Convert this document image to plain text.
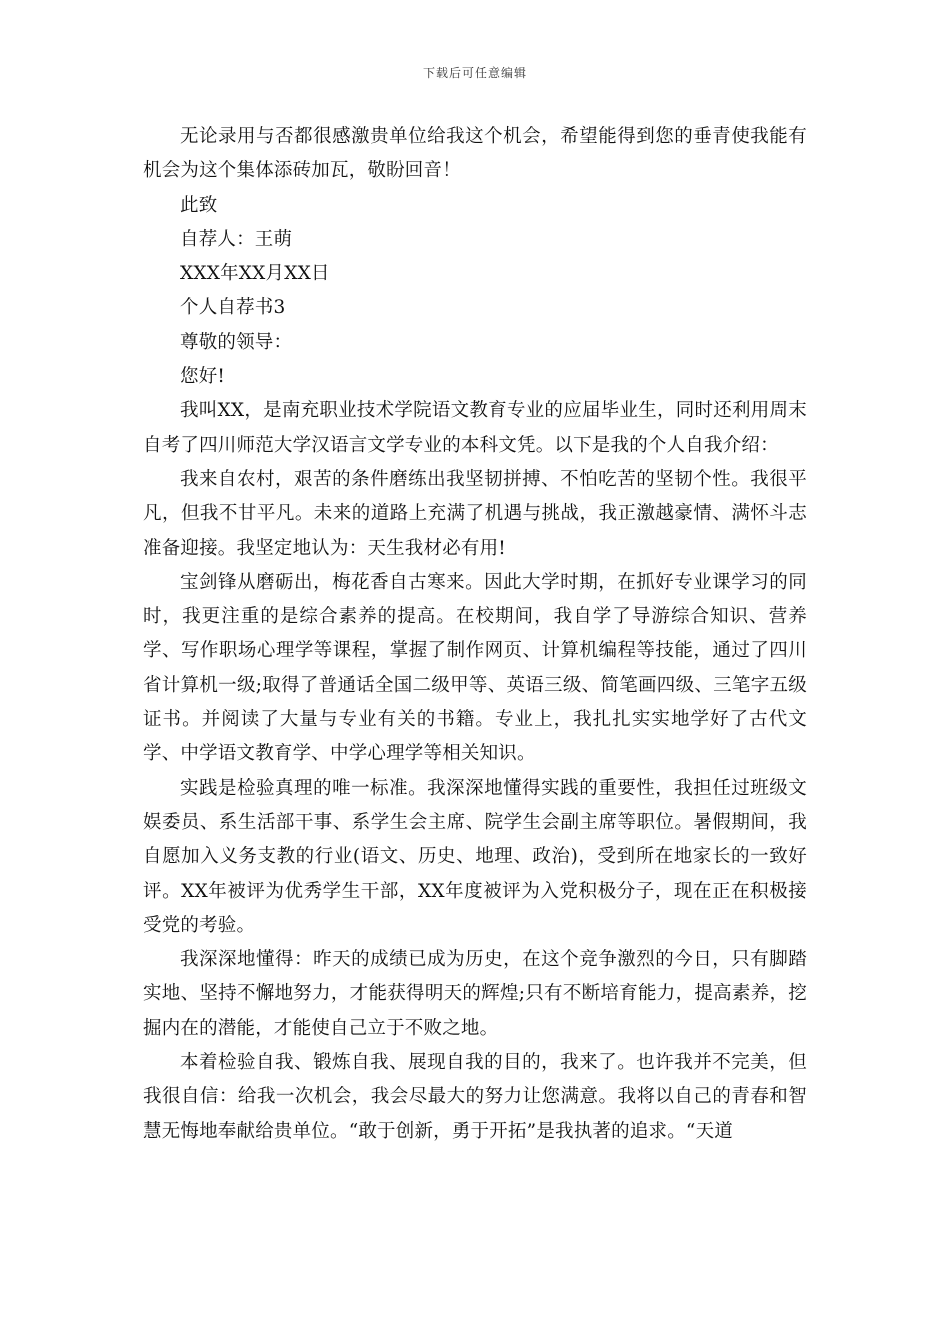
下载后可任意编辑

无论录用与否都很感激贵单位给我这个机会，希望能得到您的垂青使我能有机会为这个集体添砖加瓦，敬盼回音！

此致

自荐人：王萌

XXX年XX月XX日

个人自荐书3

尊敬的领导：

您好!

我叫XX，是南充职业技术学院语文教育专业的应届毕业生，同时还利用周末自考了四川师范大学汉语言文学专业的本科文凭。以下是我的个人自我介绍：

我来自农村，艰苦的条件磨练出我坚韧拼搏、不怕吃苦的坚韧个性。我很平凡，但我不甘平凡。未来的道路上充满了机遇与挑战，我正激越豪情、满怀斗志准备迎接。我坚定地认为：天生我材必有用!

宝剑锋从磨砺出，梅花香自古寒来。因此大学时期，在抓好专业课学习的同时，我更注重的是综合素养的提高。在校期间，我自学了导游综合知识、营养学、写作职场心理学等课程，掌握了制作网页、计算机编程等技能，通过了四川省计算机一级;取得了普通话全国二级甲等、英语三级、简笔画四级、三笔字五级证书。并阅读了大量与专业有关的书籍。专业上，我扎扎实实地学好了古代文学、中学语文教育学、中学心理学等相关知识。

实践是检验真理的唯一标准。我深深地懂得实践的重要性，我担任过班级文娱委员、系生活部干事、系学生会主席、院学生会副主席等职位。暑假期间，我自愿加入义务支教的行业(语文、历史、地理、政治)，受到所在地家长的一致好评。XX年被评为优秀学生干部，XX年度被评为入党积极分子，现在正在积极接受党的考验。

我深深地懂得：昨天的成绩已成为历史，在这个竞争激烈的今日，只有脚踏实地、坚持不懈地努力，才能获得明天的辉煌;只有不断培育能力，提高素养，挖掘内在的潜能，才能使自己立于不败之地。

本着检验自我、锻炼自我、展现自我的目的，我来了。也许我并不完美，但我很自信：给我一次机会，我会尽最大的努力让您满意。我将以自己的青春和智慧无悔地奉献给贵单位。“敢于创新，勇于开拓”是我执著的追求。“天道
